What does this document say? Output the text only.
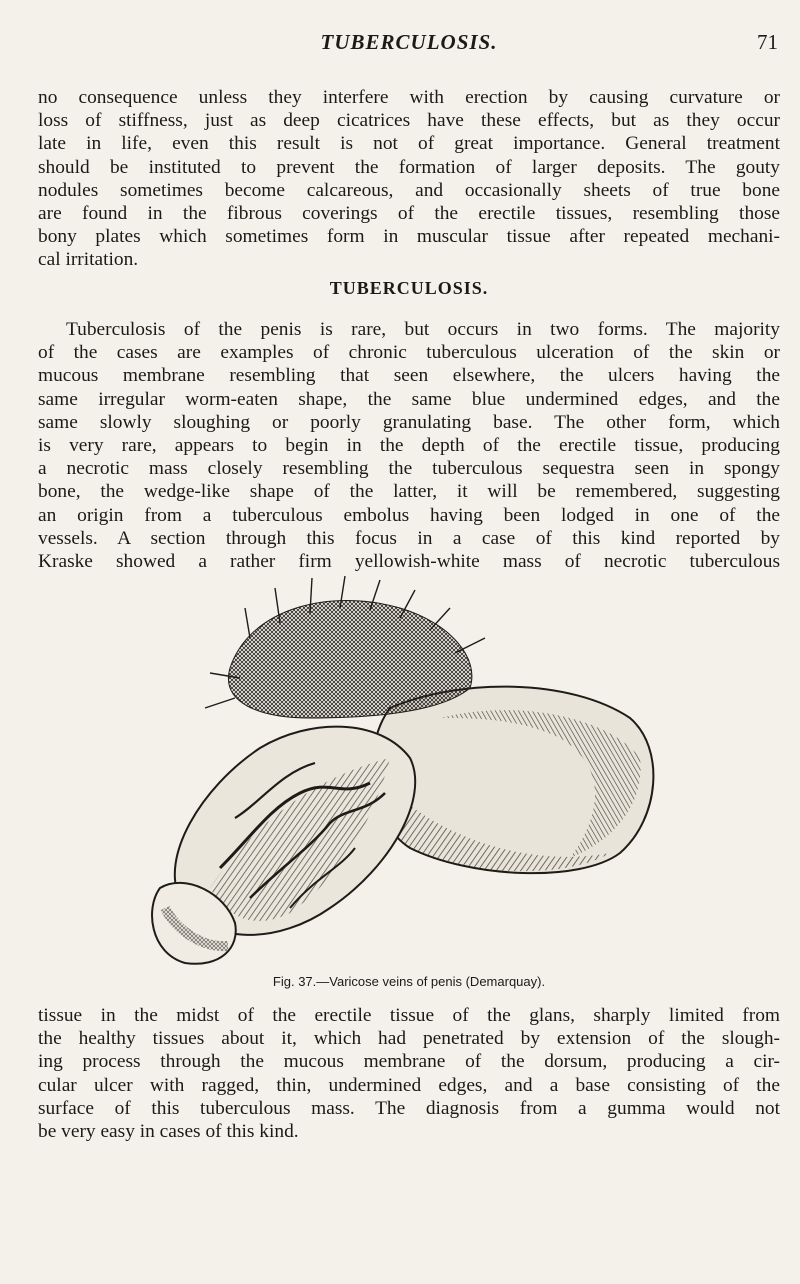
TUBERCULOSIS.	71
no consequence unless they interfere with erection by causing curvature or
loss of stiffness, just as deep cicatrices have these effects, but as they occur
late in life, even this result is not of great importance. General treatment
should be instituted to prevent the formation of larger deposits. The gouty
nodules sometimes become calcareous, and occasionally sheets of true bone
are found in the fibrous coverings of the erectile tissues, resembling those
bony plates which sometimes form in muscular tissue after repeated mechani-
cal irritation.
TUBERCULOSIS.
Tuberculosis of the penis is rare, but occurs in two forms. The majority
of the cases are examples of chronic tuberculous ulceration of the skin or
mucous membrane resembling that seen elsewhere, the ulcers having the
same irregular worm-eaten shape, the same blue undermined edges, and the
same slowly sloughing or poorly granulating base. The other form, which
is very rare, appears to begin in the depth of the erectile tissue, producing
a necrotic mass closely resembling the tuberculous sequestra seen in spongy
bone, the wedge-like shape of the latter, it will be remembered, suggesting
an origin from a tuberculous embolus having been lodged in one of the
vessels. A section through this focus in a case of this kind reported by
Kraske showed a rather firm yellowish-white mass of necrotic tuberculous
Fig. 37.—Varicose veins of penis (Demarquay).
tissue in the midst of the erectile tissue of the glans, sharply limited from
the healthy tissues about it, which had penetrated by extension of the slough-
ing process through the mucous membrane of the dorsum, producing a cir-
cular ulcer with ragged, thin, undermined edges, and a base consisting of the
surface of this tuberculous mass. The diagnosis from a gumma would not
be very easy in cases of this kind.
